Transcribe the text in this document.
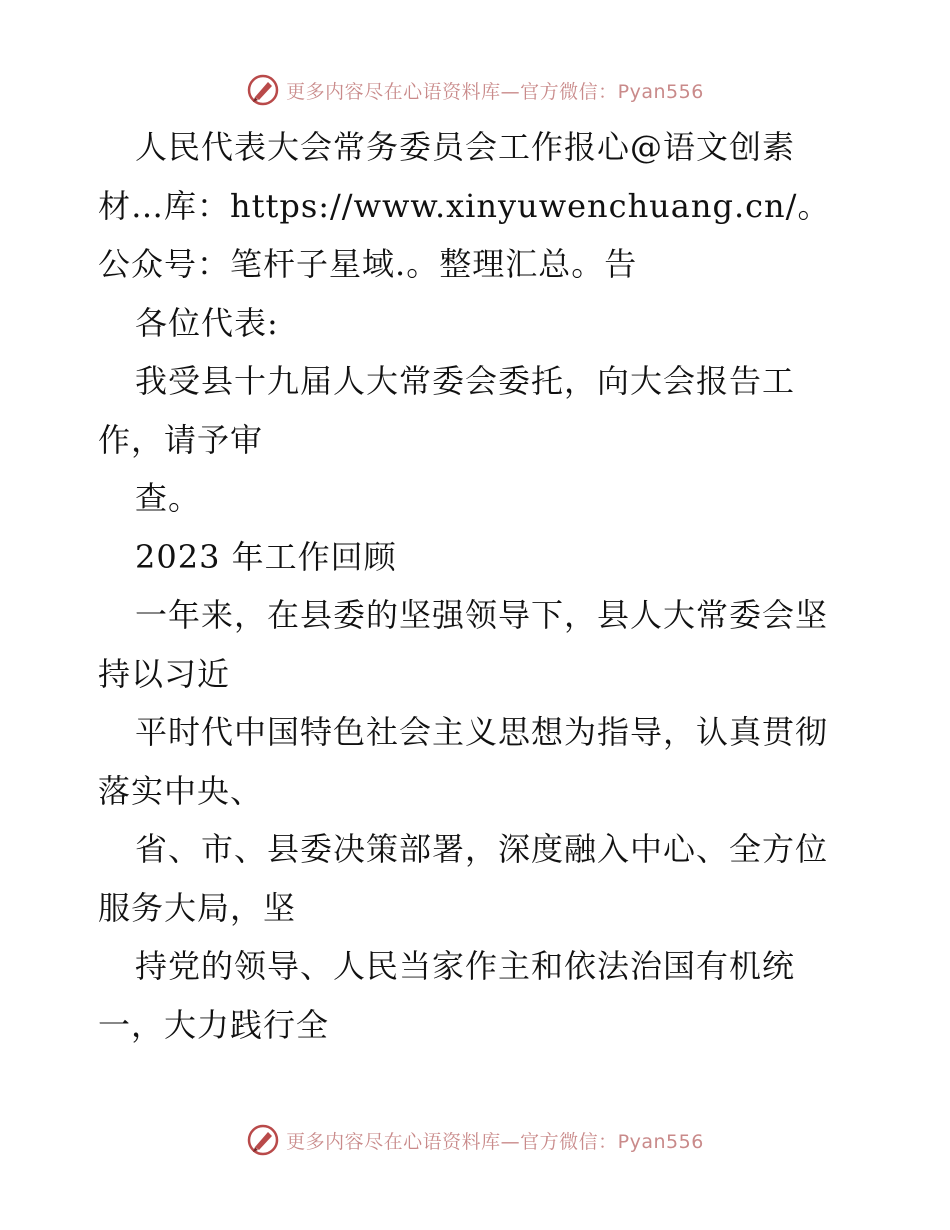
更多内容尽在心语资料库—官方微信：Pyan556

人民代表大会常务委员会工作报心@语文创素材…库：https://www.xinyuwenchuang.cn/。公众号：笔杆子星域.。整理汇总。告

各位代表:

我受县十九届人大常委会委托，向大会报告工作，请予审

查。

2023 年工作回顾

一年来，在县委的坚强领导下，县人大常委会坚持以习近

平时代中国特色社会主义思想为指导，认真贯彻落实中央、

省、市、县委决策部署，深度融入中心、全方位服务大局，坚

持党的领导、人民当家作主和依法治国有机统一，大力践行全

更多内容尽在心语资料库—官方微信：Pyan556
